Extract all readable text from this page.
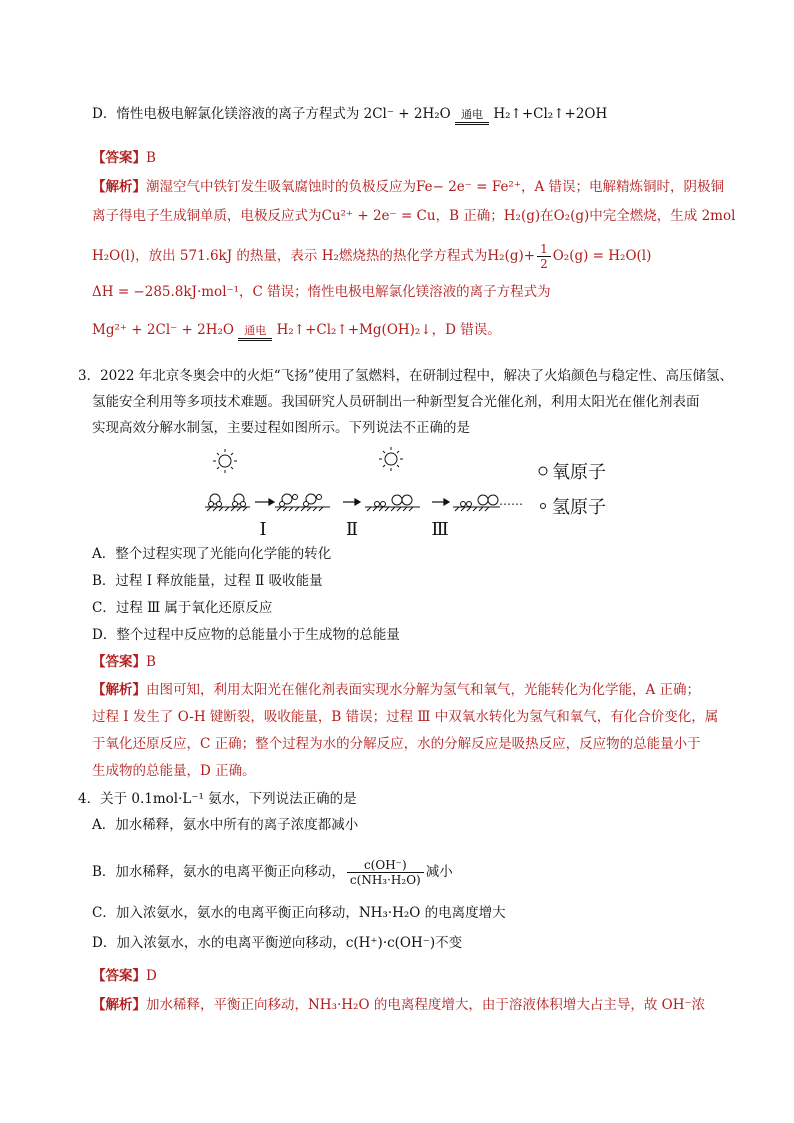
D．惰性电极电解氯化镁溶液的离子方程式为 2Cl⁻ + 2H₂O 通电 H₂↑+Cl₂↑+2OH
【答案】B
【解析】潮湿空气中铁钉发生吸氧腐蚀时的负极反应为Fe− 2e⁻ = Fe²⁺，A 错误；电解精炼铜时，阴极铜
离子得电子生成铜单质，电极反应式为Cu²⁺ + 2e⁻ = Cu，B 正确；H₂(g)在O₂(g)中完全燃烧，生成 2mol
H₂O(l)，放出 571.6kJ 的热量，表示 H₂燃烧热的热化学方程式为$H_2(g)+ \frac{1}{2} O_2(g) = H_2O(l)$
ΔH = −285.8kJ·mol⁻¹，C 错误；惰性电极电解氯化镁溶液的离子方程式为
Mg²⁺ + 2Cl⁻ + 2H₂O 通电 H₂↑+Cl₂↑+Mg(OH)₂↓，D 错误。
3．2022 年北京冬奥会中的火炬“飞扬”使用了氢燃料，在研制过程中，解决了火焰颜色与稳定性、高压储氢、
氢能安全利用等多项技术难题。我国研究人员研制出一种新型复合光催化剂，利用太阳光在催化剂表面
实现高效分解水制氢，主要过程如图所示。下列说法不正确的是
……
Ⅰ	Ⅱ	Ⅲ
氧原子
氢原子
A．整个过程实现了光能向化学能的转化
B．过程 Ⅰ 释放能量，过程 Ⅱ 吸收能量
C．过程 Ⅲ 属于氧化还原反应
D．整个过程中反应物的总能量小于生成物的总能量
【答案】B
【解析】由图可知，利用太阳光在催化剂表面实现水分解为氢气和氧气，光能转化为化学能，A 正确；
过程 Ⅰ 发生了 O-H 键断裂，吸收能量，B 错误；过程 Ⅲ 中双氧水转化为氢气和氧气，有化合价变化，属
于氧化还原反应，C 正确；整个过程为水的分解反应，水的分解反应是吸热反应，反应物的总能量小于
生成物的总能量，D 正确。
4．关于 0.1mol·L⁻¹ 氨水，下列说法正确的是
A．加水稀释，氨水中所有的离子浓度都减小
B．加水稀释，氨水的电离平衡正向移动， $\frac{c(OH^-)}{\text{c(NH₃·H₂O)}}$ 减小
C．加入浓氨水，氨水的电离平衡正向移动，NH₃·H₂O 的电离度增大
D．加入浓氨水，水的电离平衡逆向移动，c(H⁺)·c(OH⁻)不变
【答案】D
【解析】加水稀释，平衡正向移动，NH₃·H₂O 的电离程度增大，由于溶液体积增大占主导，故 OH⁻浓
